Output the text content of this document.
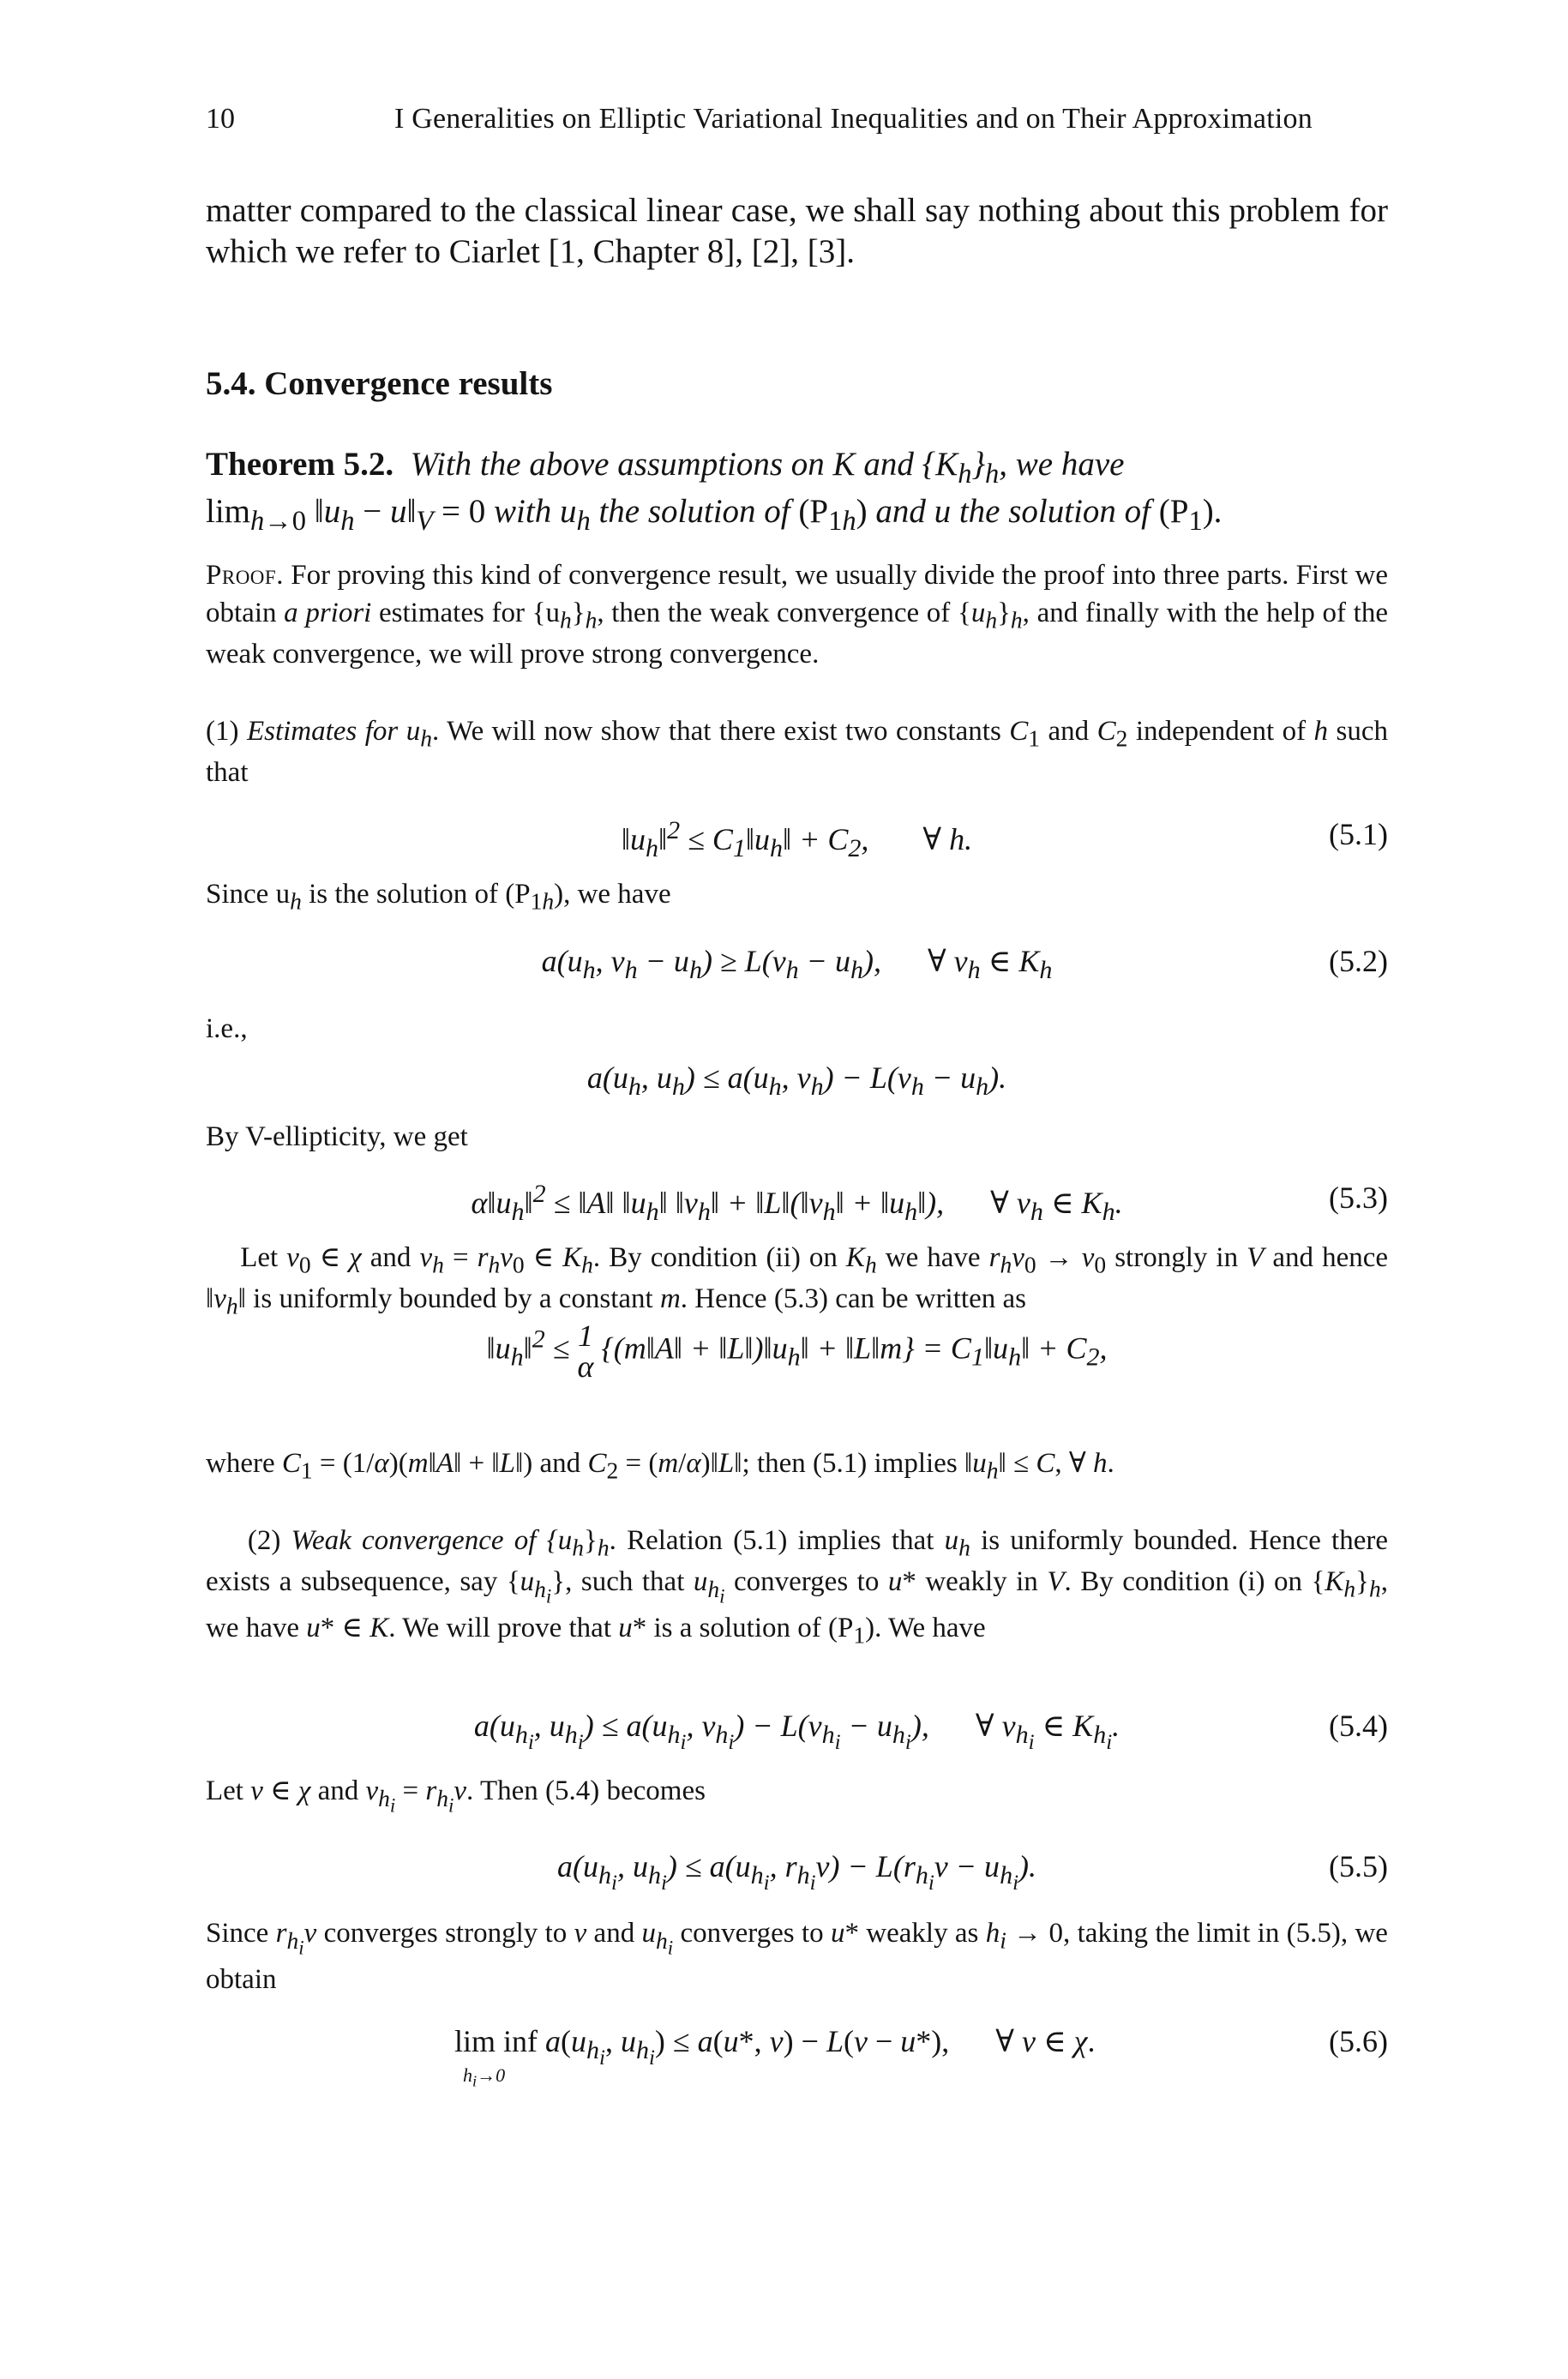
10	I Generalities on Elliptic Variational Inequalities and on Their Approximation

matter compared to the classical linear case, we shall say nothing about this problem for which we refer to Ciarlet [1, Chapter 8], [2], [3].

5.4. Convergence results

Theorem 5.2.  With the above assumptions on K and $\{K_h\}_h$, we have
$\lim_{h\to 0}$ $‖u_h$ − $u‖_V = 0$ with $u_h$ the solution of $(P_{1h})$ and u the solution of $(P_1)$.

Proof. For proving this kind of convergence result, we usually divide the proof into three parts. First we obtain a priori estimates for $\{u_h\}_h$, then the weak convergence of $\{u_h\}_h$, and finally with the help of the weak convergence, we will prove strong convergence.

(1) Estimates for $u_h$. We will now show that there exist two constants $C_1$ and $C_2$ independent of h such that

$‖u_h‖^2$ ≤ $C_1‖u_h‖ + C_2$,       ∀ h.	(5.1)

Since $u_h$ is the solution of $(P_{1h})$, we have

$a(u_h$, $v_h - u_h) \ge L(v_h - u_h)$,      ∀ $v_h$ ∈ $K_h$	(5.2)

i.e.,

$a(u_h$, $u_h) \le a(u_h$, $v_h) - L(v_h - u_h)$.

By V-ellipticity, we get

$\alpha‖u_h‖^2$ ≤ ‖A‖ $‖u_h‖$ $‖v_h‖$ + $‖L‖(‖v_h‖$ + $‖u_h‖$),      ∀ $v_h$ ∈ $K_h$.	(5.3)

Let $v_0$ ∈ χ and $v_h = r_hv_0$ ∈ $K_h$. By condition (ii) on $K_h$ we have $r_hv_0 \to v_0$ strongly in V and hence $‖v_h‖$ is uniformly bounded by a constant m. Hence (5.3) can be written as

$‖u_h‖^2 \le 1$
α
{(m‖A‖ + $‖L‖)‖u_h‖$ + ‖L‖m} = $C_1‖u_h‖ + C_2$,

where $C_1$ = (1/α)(m‖A‖ + ‖L‖) and $C_2$ = (m/α)‖L‖; then (5.1) implies $‖u_h‖ \le C$, ∀ h.

(2) Weak convergence of $\{u_h\}_h$. Relation (5.1) implies that $u_h$ is uniformly bounded. Hence there exists a subsequence, say $\{u_{h_i}\}$, such that $u_{h_i}$ converges to u* weakly in V. By condition (i) on $\{K_h\}_h$, we have u* ∈ K. We will prove that u* is a solution of $(P_1)$. We have

$a(u_{h_i}$, $u_{h_i}) \le a(u_{h_i}$, $v_{h_i}) - L(v_{h_i} - u_{h_i})$,      ∀ $v_{h_i}$ ∈ $K_{h_i}$.	(5.4)

Let v ∈ χ and $v_{h_i} = r_{h_i}v$. Then (5.4) becomes

$a(u_{h_i}$, $u_{h_i}) \le a(u_{h_i}$, $r_{h_i}v) - L(r_{h_i}v - u_{h_i})$.	(5.5)

Since $r_{h_i}v$ converges strongly to v and $u_{h_i}$ converges to u* weakly as $h_i \to 0$, taking the limit in (5.5), we obtain

lim inf $a(u_{h_i}$, $u_{h_i}) \le a(u*$, v) − L(v − u*),      ∀ v ∈ χ.
$h_i\to 0$
(5.6)
